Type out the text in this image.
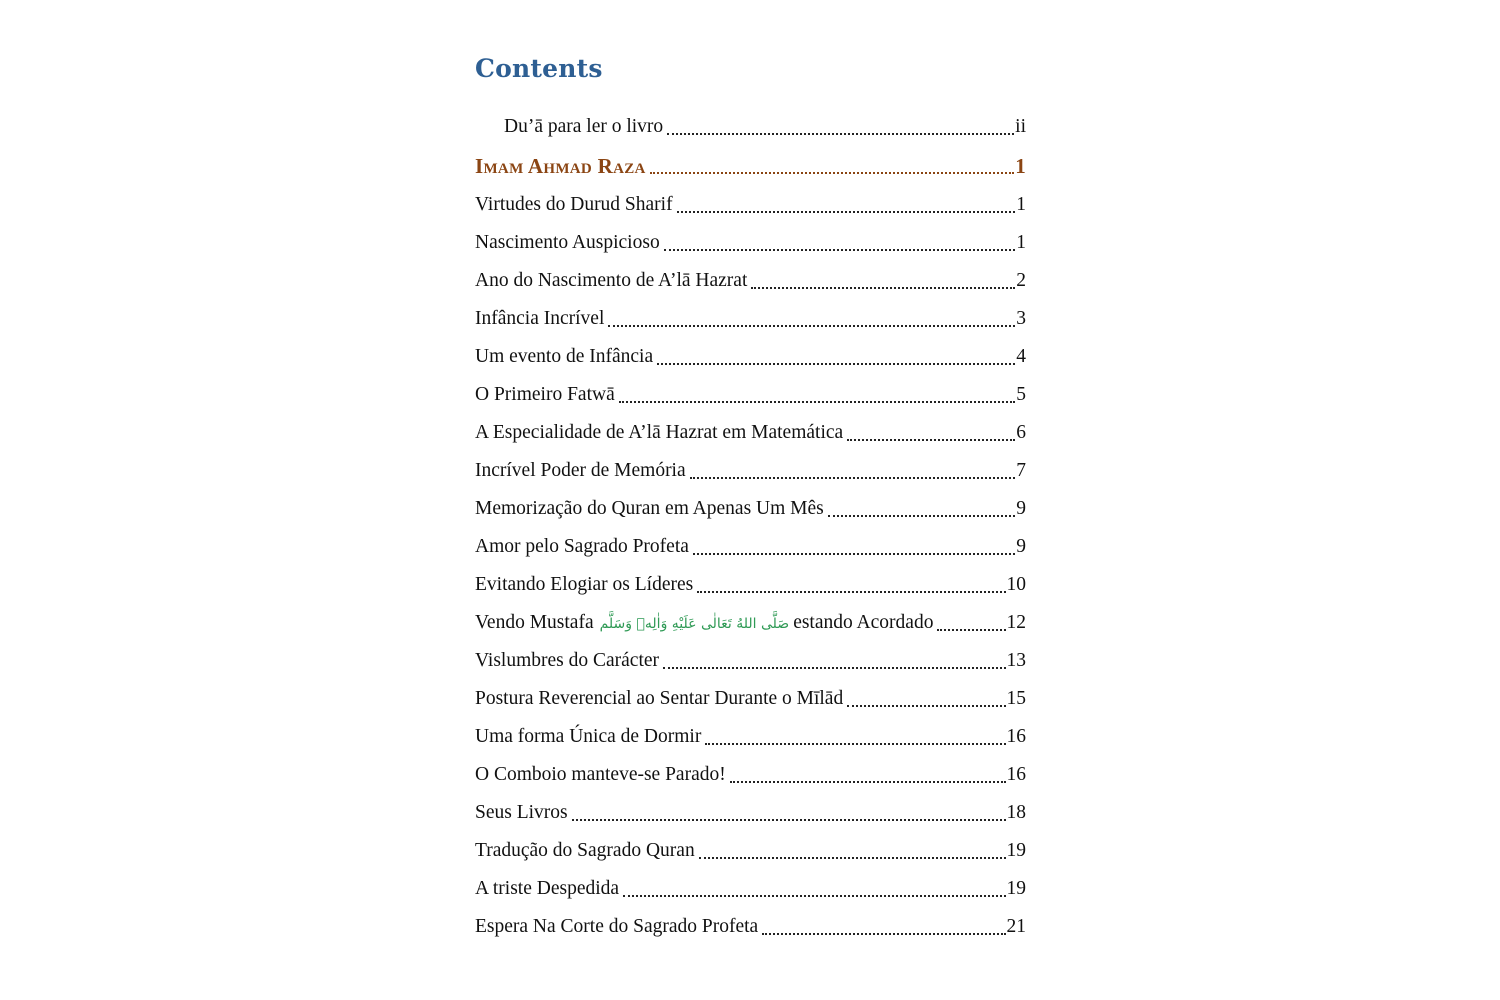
Contents
Du’ā para ler o livro	ii
Imam Ahmad Raza	1
Virtudes do Durud Sharif	1
Nascimento Auspicioso	1
Ano do Nascimento de A’lā Hazrat	2
Infância Incrível	3
Um evento de Infância	4
O Primeiro Fatwā	5
A Especialidade de A’lā Hazrat em Matemática	6
Incrível Poder de Memória	7
Memorização do Quran em Apenas Um Mês	9
Amor pelo Sagrado Profeta	9
Evitando Elogiar os Líderes	10
Vendo Mustafa صَلَّى اللهُ تَعَالٰى عَلَيْهِ وَاٰلِهٖ وَسَلَّم estando Acordado	12
Vislumbres do Carácter	13
Postura Reverencial ao Sentar Durante o Mīlād	15
Uma forma Única de Dormir	16
O Comboio manteve-se Parado!	16
Seus Livros	18
Tradução do Sagrado Quran	19
A triste Despedida	19
Espera Na Corte do Sagrado Profeta	21
